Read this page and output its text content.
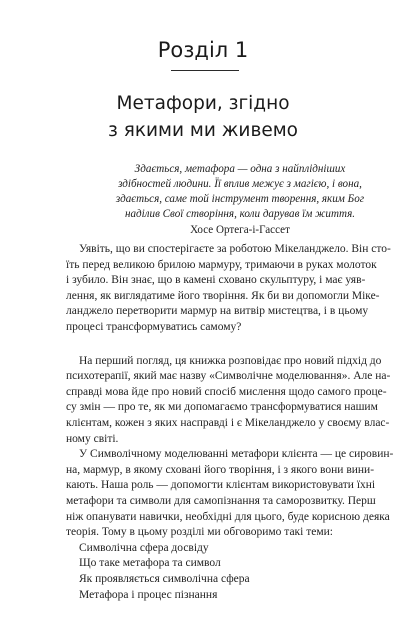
Розділ 1
Метафори, згідно
з якими ми живемо

Здається, метафора — одна з найплідніших
здібностей людини. Її вплив межує з магією, і вона,
здається, саме той інструмент творення, яким Бог
наділив Свої створіння, коли дарував їм життя.

Хосе Ортега-і-Гассет

Уявіть, що ви спостерігаєте за роботою Мікеланджело. Він сто-
їть перед великою брилою мармуру, тримаючи в руках молоток
і зубило. Він знає, що в камені сховано скульптуру, і має уяв-
лення, як виглядатиме його творіння. Як би ви допомогли Міке-
ланджело перетворити мармур на витвір мистецтва, і в цьому
процесі трансформуватись самому?

На перший погляд, ця книжка розповідає про новий підхід до
психотерапії, який має назву «Символічне моделювання». Але на-
справді мова йде про новий спосіб мислення щодо самого проце-
су змін — про те, як ми допомагаємо трансформуватися нашим
клієнтам, кожен з яких насправді і є Мікеланджело у своєму влас-
ному світі.

У Символічному моделюванні метафори клієнта — це сировин-
на, мармур, в якому сховані його творіння, і з якого вони вини-
кають. Наша роль — допомогти клієнтам використовувати їхні
метафори та символи для самопізнання та саморозвитку. Перш
ніж опанувати навички, необхідні для цього, буде корисною деяка
теорія. Тому в цьому розділі ми обговоримо такі теми:

Символічна сфера досвіду
Що таке метафора та символ
Як проявляється символічна сфера
Метафора і процес пізнання
